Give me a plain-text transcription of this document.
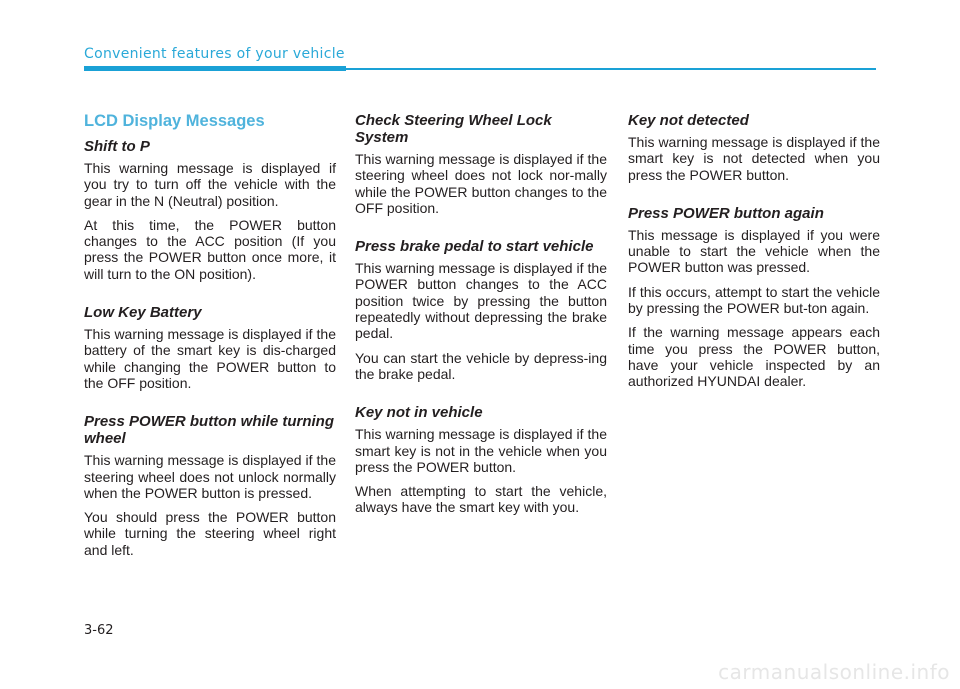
Convenient features of your vehicle
LCD Display Messages
Shift to P

This warning message is displayed if you try to turn off the vehicle with the gear in the N (Neutral) position.

At this time, the POWER button changes to the ACC position (If you press the POWER button once more, it will turn to the ON position).

Low Key Battery

This warning message is displayed if the battery of the smart key is dis-charged while changing the POWER button to the OFF position.

Press POWER button while turning wheel

This warning message is displayed if the steering wheel does not unlock normally when the POWER button is pressed.

You should press the POWER button while turning the steering wheel right and left.

Check Steering Wheel Lock System

This warning message is displayed if the steering wheel does not lock nor-mally while the POWER button changes to the OFF position.

Press brake pedal to start vehicle

This warning message is displayed if the POWER button changes to the ACC position twice by pressing the button repeatedly without depressing the brake pedal.

You can start the vehicle by depress-ing the brake pedal.

Key not in vehicle

This warning message is displayed if the smart key is not in the vehicle when you press the POWER button.

When attempting to start the vehicle, always have the smart key with you.

Key not detected

This warning message is displayed if the smart key is not detected when you press the POWER button.

Press POWER button again

This message is displayed if you were unable to start the vehicle when the POWER button was pressed.

If this occurs, attempt to start the vehicle by pressing the POWER but-ton again.

If the warning message appears each time you press the POWER button, have your vehicle inspected by an authorized HYUNDAI dealer.

3-62
carmanualsonline.info
